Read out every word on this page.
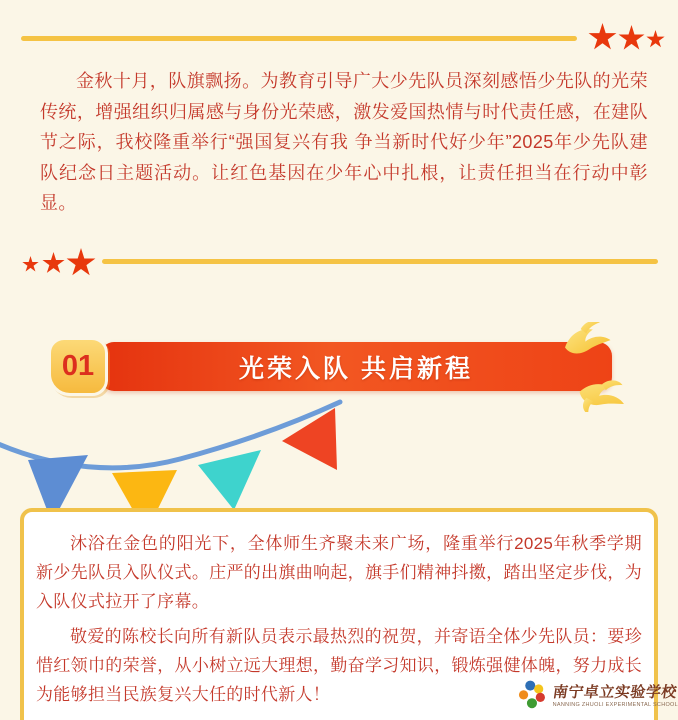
金秋十月，队旗飘扬。为教育引导广大少先队员深刻感悟少先队的光荣传统，增强组织归属感与身份光荣感，激发爱国热情与时代责任感，在建队节之际，我校隆重举行“强国复兴有我 争当新时代好少年”2025年少先队建队纪念日主题活动。让红色基因在少年心中扎根，让责任担当在行动中彰显。

光荣入队 共启新程
01

沐浴在金色的阳光下，全体师生齐聚未来广场，隆重举行2025年秋季学期新少先队员入队仪式。庄严的出旗曲响起，旗手们精神抖擞，踏出坚定步伐，为入队仪式拉开了序幕。

敬爱的陈校长向所有新队员表示最热烈的祝贺，并寄语全体少先队员：要珍惜红领巾的荣誉，从小树立远大理想，勤奋学习知识，锻炼强健体魄，努力成长为能够担当民族复兴大任的时代新人！	南宁卓立实验学校
NANNING ZHUOLI EXPERIMENTAL SCHOOL
